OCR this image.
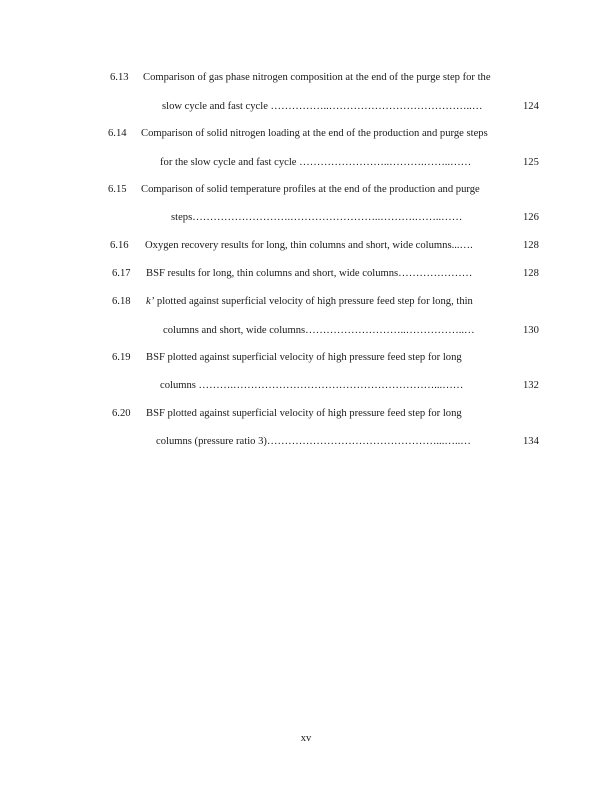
6.13 Comparison of gas phase nitrogen composition at the end of the purge step for the
slow cycle and fast cycle ……………..…………………………………..…	124
6.14 Comparison of solid nitrogen loading at the end of the production and purge steps
for the slow cycle and fast cycle ……………………..……….……..……	125
6.15 Comparison of solid temperature profiles at the end of the production and purge
steps……………………….……………………..……….……..……	126
6.16 Oxygen recovery results for long, thin columns and short, wide columns...….	128
6.17 BSF results for long, thin columns and short, wide columns…………………	128
6.18 k’ plotted against superficial velocity of high pressure feed step for long, thin
columns and short, wide columns………………………..……………..…	130
6.19 BSF plotted against superficial velocity of high pressure feed step for long
columns ……….…………………………………………………...……	132
6.20 BSF plotted against superficial velocity of high pressure feed step for long
columns (pressure ratio 3)…………………………………………...…..…	134
xv
